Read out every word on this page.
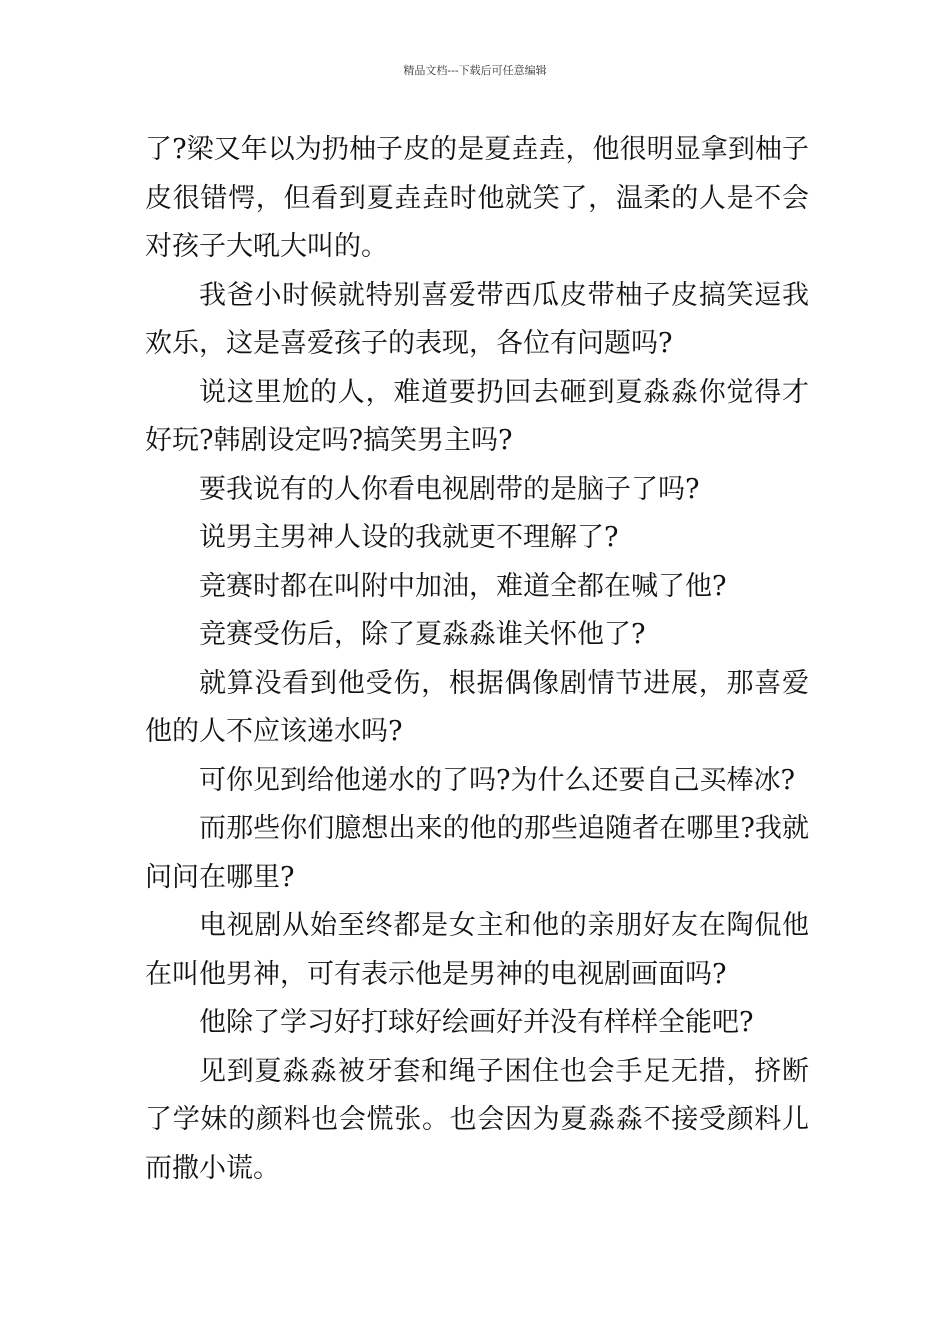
精品文档---下载后可任意编辑

了?梁又年以为扔柚子皮的是夏垚垚，他很明显拿到柚子皮很错愕，但看到夏垚垚时他就笑了，温柔的人是不会对孩子大吼大叫的。

我爸小时候就特别喜爱带西瓜皮带柚子皮搞笑逗我欢乐，这是喜爱孩子的表现，各位有问题吗?

说这里尬的人，难道要扔回去砸到夏淼淼你觉得才好玩?韩剧设定吗?搞笑男主吗?

要我说有的人你看电视剧带的是脑子了吗?

说男主男神人设的我就更不理解了?

竞赛时都在叫附中加油，难道全都在喊了他?

竞赛受伤后，除了夏淼淼谁关怀他了?

就算没看到他受伤，根据偶像剧情节进展，那喜爱他的人不应该递水吗?

可你见到给他递水的了吗?为什么还要自己买棒冰?

而那些你们臆想出来的他的那些追随者在哪里?我就问问在哪里?

电视剧从始至终都是女主和他的亲朋好友在陶侃他在叫他男神，可有表示他是男神的电视剧画面吗?

他除了学习好打球好绘画好并没有样样全能吧?

见到夏淼淼被牙套和绳子困住也会手足无措，挤断了学妹的颜料也会慌张。也会因为夏淼淼不接受颜料儿而撒小谎。
